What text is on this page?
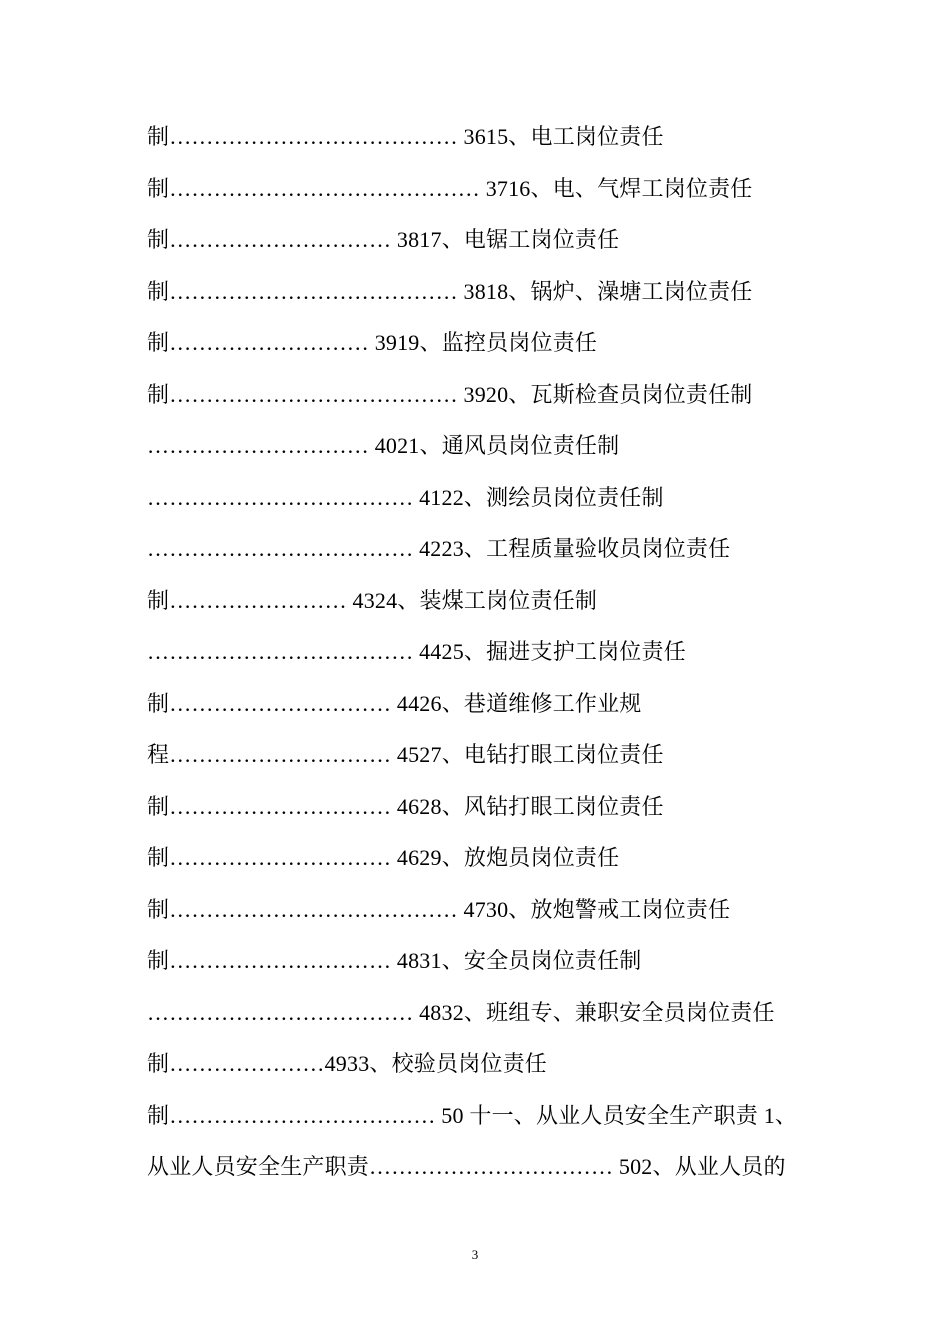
制………………………………… 3615、电工岗位责任
制…………………………………… 3716、电、气焊工岗位责任
制………………………… 3817、电锯工岗位责任
制………………………………… 3818、锅炉、澡塘工岗位责任
制……………………… 3919、监控员岗位责任
制………………………………… 3920、瓦斯检查员岗位责任制
………………………… 4021、通风员岗位责任制
……………………………… 4122、测绘员岗位责任制
……………………………… 4223、工程质量验收员岗位责任
制…………………… 4324、装煤工岗位责任制
……………………………… 4425、掘进支护工岗位责任
制………………………… 4426、巷道维修工作业规
程………………………… 4527、电钻打眼工岗位责任
制………………………… 4628、风钻打眼工岗位责任
制………………………… 4629、放炮员岗位责任
制………………………………… 4730、放炮警戒工岗位责任
制………………………… 4831、安全员岗位责任制
……………………………… 4832、班组专、兼职安全员岗位责任
制…………………4933、校验员岗位责任
制……………………………… 50 十一、从业人员安全生产职责 1、
从业人员安全生产职责…………………………… 502、从业人员的
3
